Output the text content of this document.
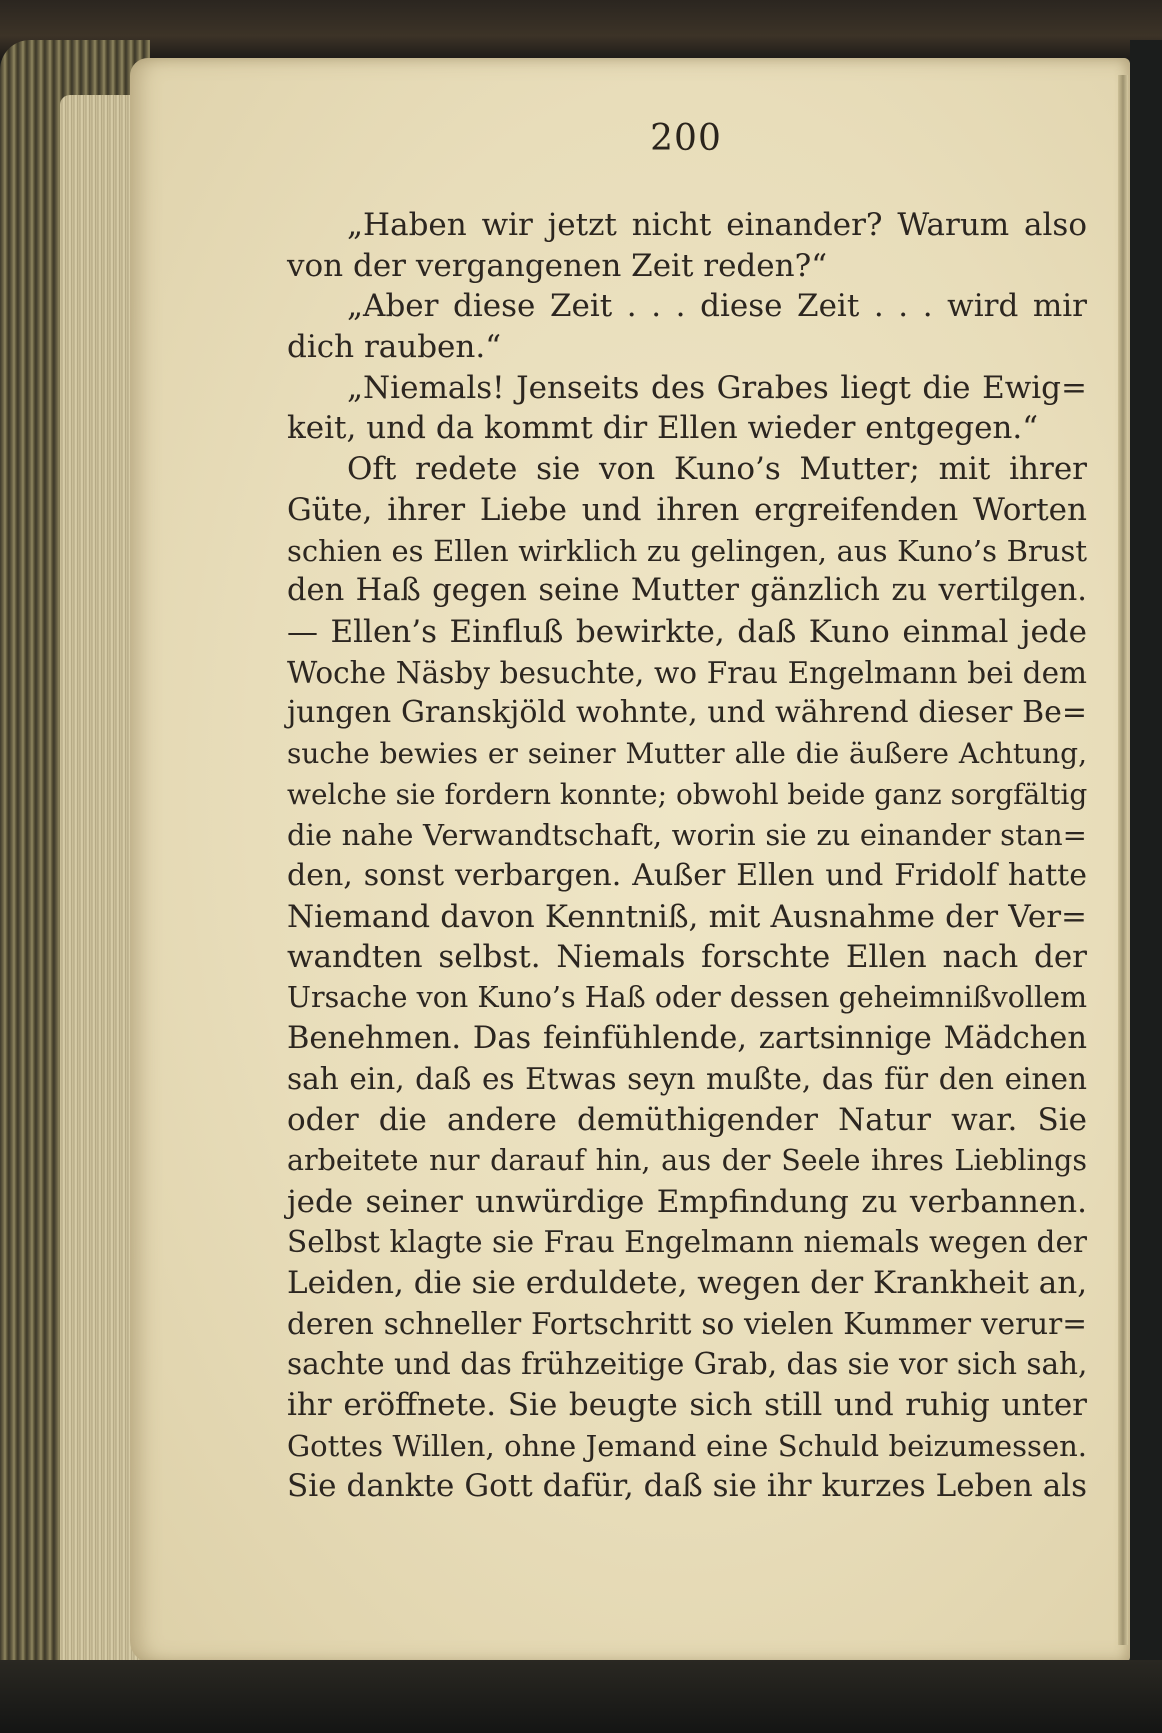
200
„Haben wir jetzt nicht einander? Warum also
von der vergangenen Zeit reden?“
„Aber diese Zeit . . . diese Zeit . . . wird mir
dich rauben.“
„Niemals! Jenseits des Grabes liegt die Ewig=
keit, und da kommt dir Ellen wieder entgegen.“
Oft redete sie von Kuno’s Mutter; mit ihrer
Güte, ihrer Liebe und ihren ergreifenden Worten
schien es Ellen wirklich zu gelingen, aus Kuno’s Brust
den Haß gegen seine Mutter gänzlich zu vertilgen.
— Ellen’s Einfluß bewirkte, daß Kuno einmal jede
Woche Näsby besuchte, wo Frau Engelmann bei dem
jungen Granskjöld wohnte, und während dieser Be=
suche bewies er seiner Mutter alle die äußere Achtung,
welche sie fordern konnte; obwohl beide ganz sorgfältig
die nahe Verwandtschaft, worin sie zu einander stan=
den, sonst verbargen. Außer Ellen und Fridolf hatte
Niemand davon Kenntniß, mit Ausnahme der Ver=
wandten selbst. Niemals forschte Ellen nach der
Ursache von Kuno’s Haß oder dessen geheimnißvollem
Benehmen. Das feinfühlende, zartsinnige Mädchen
sah ein, daß es Etwas seyn mußte, das für den einen
oder die andere demüthigender Natur war. Sie
arbeitete nur darauf hin, aus der Seele ihres Lieblings
jede seiner unwürdige Empfindung zu verbannen.
Selbst klagte sie Frau Engelmann niemals wegen der
Leiden, die sie erduldete, wegen der Krankheit an,
deren schneller Fortschritt so vielen Kummer verur=
sachte und das frühzeitige Grab, das sie vor sich sah,
ihr eröffnete. Sie beugte sich still und ruhig unter
Gottes Willen, ohne Jemand eine Schuld beizumessen.
Sie dankte Gott dafür, daß sie ihr kurzes Leben als
